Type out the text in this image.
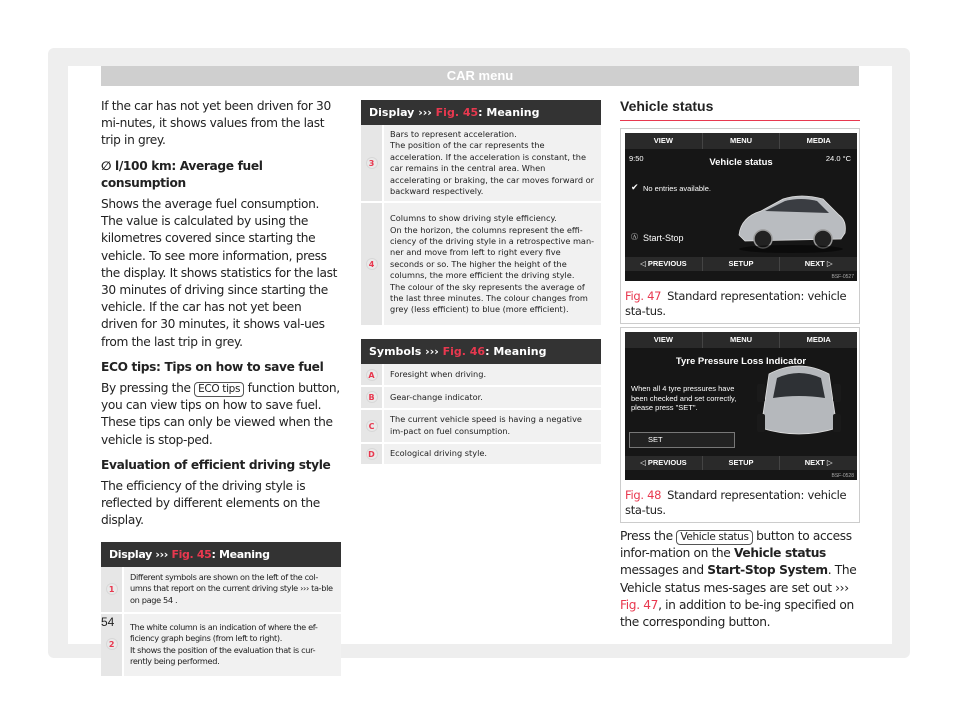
CAR menu

If the car has not yet been driven for 30 mi-nutes, it shows values from the last trip in grey.

∅ l/100 km: Average fuel consumption

Shows the average fuel consumption. The value is calculated by using the kilometres covered since starting the vehicle. To see more information, press the display. It shows statistics for the last 30 minutes of driving since starting the vehicle. If the car has not yet been driven for 30 minutes, it shows val-ues from the last trip in grey.

ECO tips: Tips on how to save fuel

By pressing the ECO tips function button, you can view tips on how to save fuel. These tips can only be viewed when the vehicle is stop-ped.

Evaluation of efficient driving style

The efficiency of the driving style is reflected by different elements on the display.

Display ››› Fig. 45: Meaning	
1	Different symbols are shown on the left of the col-umns that report on the current driving style ››› ta-ble on page 54 .
2	The white column is an indication of where the ef-ficiency graph begins (from left to right).
It shows the position of the evaluation that is cur-rently being performed.
Display ››› Fig. 45: Meaning	
3	Bars to represent acceleration.
The position of the car represents the acceleration. If the acceleration is constant, the car remains in the central area. When accelerating or braking, the car moves forward or backward respectively.
4	Columns to show driving style efficiency.
On the horizon, the columns represent the effi-ciency of the driving style in a retrospective man-ner and move from left to right every five seconds or so. The higher the height of the columns, the more efficient the driving style.
The colour of the sky represents the average of the last three minutes. The colour changes from grey (less efficient) to blue (more efficient).
Symbols ››› Fig. 46: Meaning	
A	Foresight when driving.
B	Gear-change indicator.
C	The current vehicle speed is having a negative im-pact on fuel consumption.
D	Ecological driving style.
Vehicle status
VIEW	MENU	MEDIA
9:50	24.0 °C
Vehicle status
✔ No entries available.
Ⓐ Start-Stop
◁ PREVIOUS	SETUP	NEXT ▷
BSF-0527
Fig. 47 Standard representation: vehicle sta-tus.
VIEW	MENU	MEDIA
Tyre Pressure Loss Indicator
When all 4 tyre pressures have been checked and set correctly, please press "SET".
SET
◁ PREVIOUS	SETUP	NEXT ▷
BSF-0528
Fig. 48 Standard representation: vehicle sta-tus.
Press the Vehicle status button to access infor-mation on the Vehicle status messages and Start-Stop System. The Vehicle status mes-sages are set out ››› Fig. 47, in addition to be-ing specified on the corresponding button.
54
